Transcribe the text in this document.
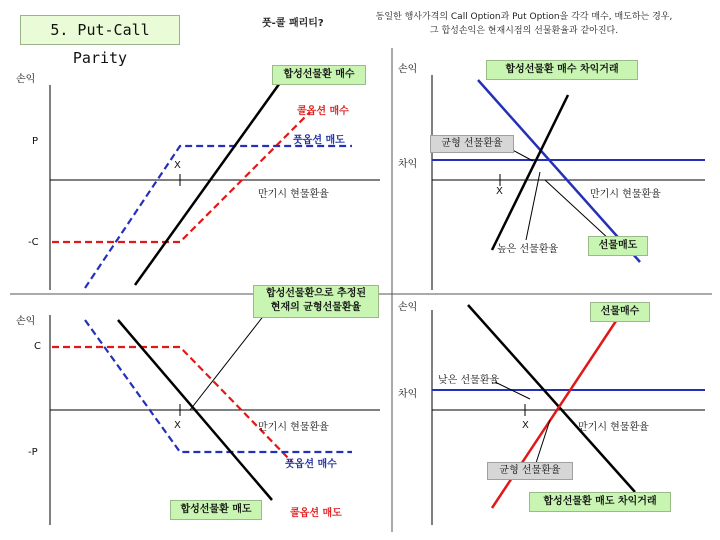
5. Put-Call Parity
풋-콜 패리티?
동일한 행사가격의 Call Option과 Put Option을 각각 매수, 매도하는 경우,
그 합성손익은 현재시점의 선물환율과 같아진다.
손익
P
-C
X
만기시 현물환율
합성선물환 매수
콜옵션 매수
풋옵션 매도
손익	합성선물환 매수 차익거래
균형 선물환율
차익
X	만기시 현물환율
높은 선물환율	선물매도
합성선물환으로 추정된
현재의 균형선물환율
손익
C
-P
X	만기시 현물환율
풋옵션 매수
합성선물환 매도	콜옵션 매도
손익	선물매수
낮은 선물환율
차익
X	만기시 현물환율
균형 선물환율
합성선물환 매도 차익거래
